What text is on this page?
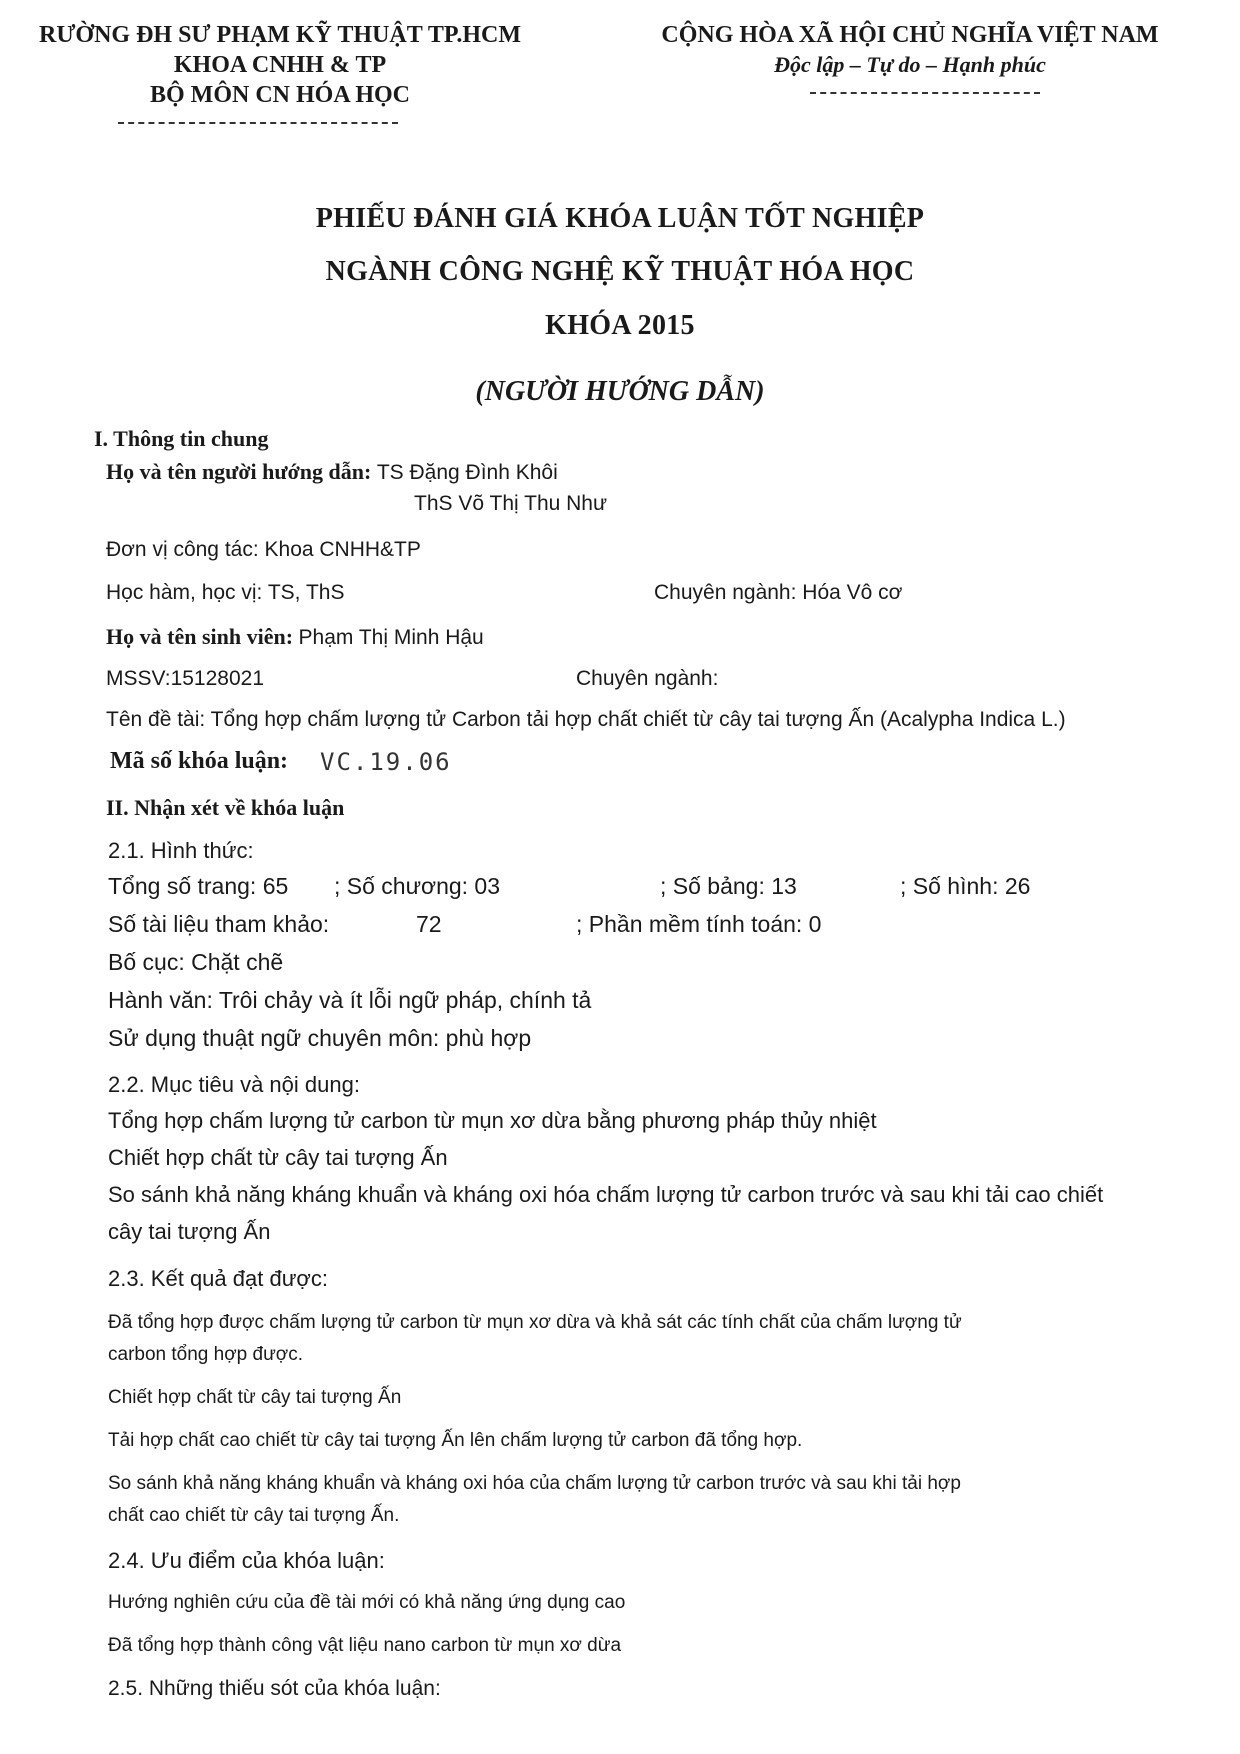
RƯỜNG ĐH SƯ PHẠM KỸ THUẬT TP.HCM
KHOA CNHH & TP
BỘ MÔN CN HÓA HỌC
CỘNG HÒA XÃ HỘI CHỦ NGHĨA VIỆT NAM
Độc lập – Tự do – Hạnh phúc
PHIẾU ĐÁNH GIÁ KHÓA LUẬN TỐT NGHIỆP
NGÀNH CÔNG NGHỆ KỸ THUẬT HÓA HỌC
KHÓA 2015
(NGƯỜI HƯỚNG DẪN)
I. Thông tin chung
Họ và tên người hướng dẫn: TS Đặng Đình Khôi
ThS Võ Thị Thu Như
Đơn vị công tác: Khoa CNHH&TP
Học hàm, học vị: TS, ThS	Chuyên ngành: Hóa Vô cơ
Họ và tên sinh viên: Phạm Thị Minh Hậu
MSSV:15128021	Chuyên ngành:
Tên đề tài: Tổng hợp chấm lượng tử Carbon tải hợp chất chiết từ cây tai tượng Ấn (Acalypha Indica L.)
Mã số khóa luận: VC.19.06
II. Nhận xét về khóa luận
2.1. Hình thức:
Tổng số trang: 65 ; Số chương: 03	; Số bảng: 13	; Số hình: 26
Số tài liệu tham khảo:	72	; Phần mềm tính toán: 0
Bố cục: Chặt chẽ
Hành văn: Trôi chảy và ít lỗi ngữ pháp, chính tả
Sử dụng thuật ngữ chuyên môn: phù hợp
2.2. Mục tiêu và nội dung:
Tổng hợp chấm lượng tử carbon từ mụn xơ dừa bằng phương pháp thủy nhiệt
Chiết hợp chất từ cây tai tượng Ấn
So sánh khả năng kháng khuẩn và kháng oxi hóa chấm lượng tử carbon trước và sau khi tải cao chiết
cây tai tượng Ấn
2.3. Kết quả đạt được:
Đã tổng hợp được chấm lượng tử carbon từ mụn xơ dừa và khả sát các tính chất của chấm lượng tử
carbon tổng hợp được.
Chiết hợp chất từ cây tai tượng Ấn
Tải hợp chất cao chiết từ cây tai tượng Ấn lên chấm lượng tử carbon đã tổng hợp.
So sánh khả năng kháng khuẩn và kháng oxi hóa của chấm lượng tử carbon trước và sau khi tải hợp
chất cao chiết từ cây tai tượng Ấn.
2.4. Ưu điểm của khóa luận:
Hướng nghiên cứu của đề tài mới có khả năng ứng dụng cao
Đã tổng hợp thành công vật liệu nano carbon từ mụn xơ dừa
2.5. Những thiếu sót của khóa luận:
